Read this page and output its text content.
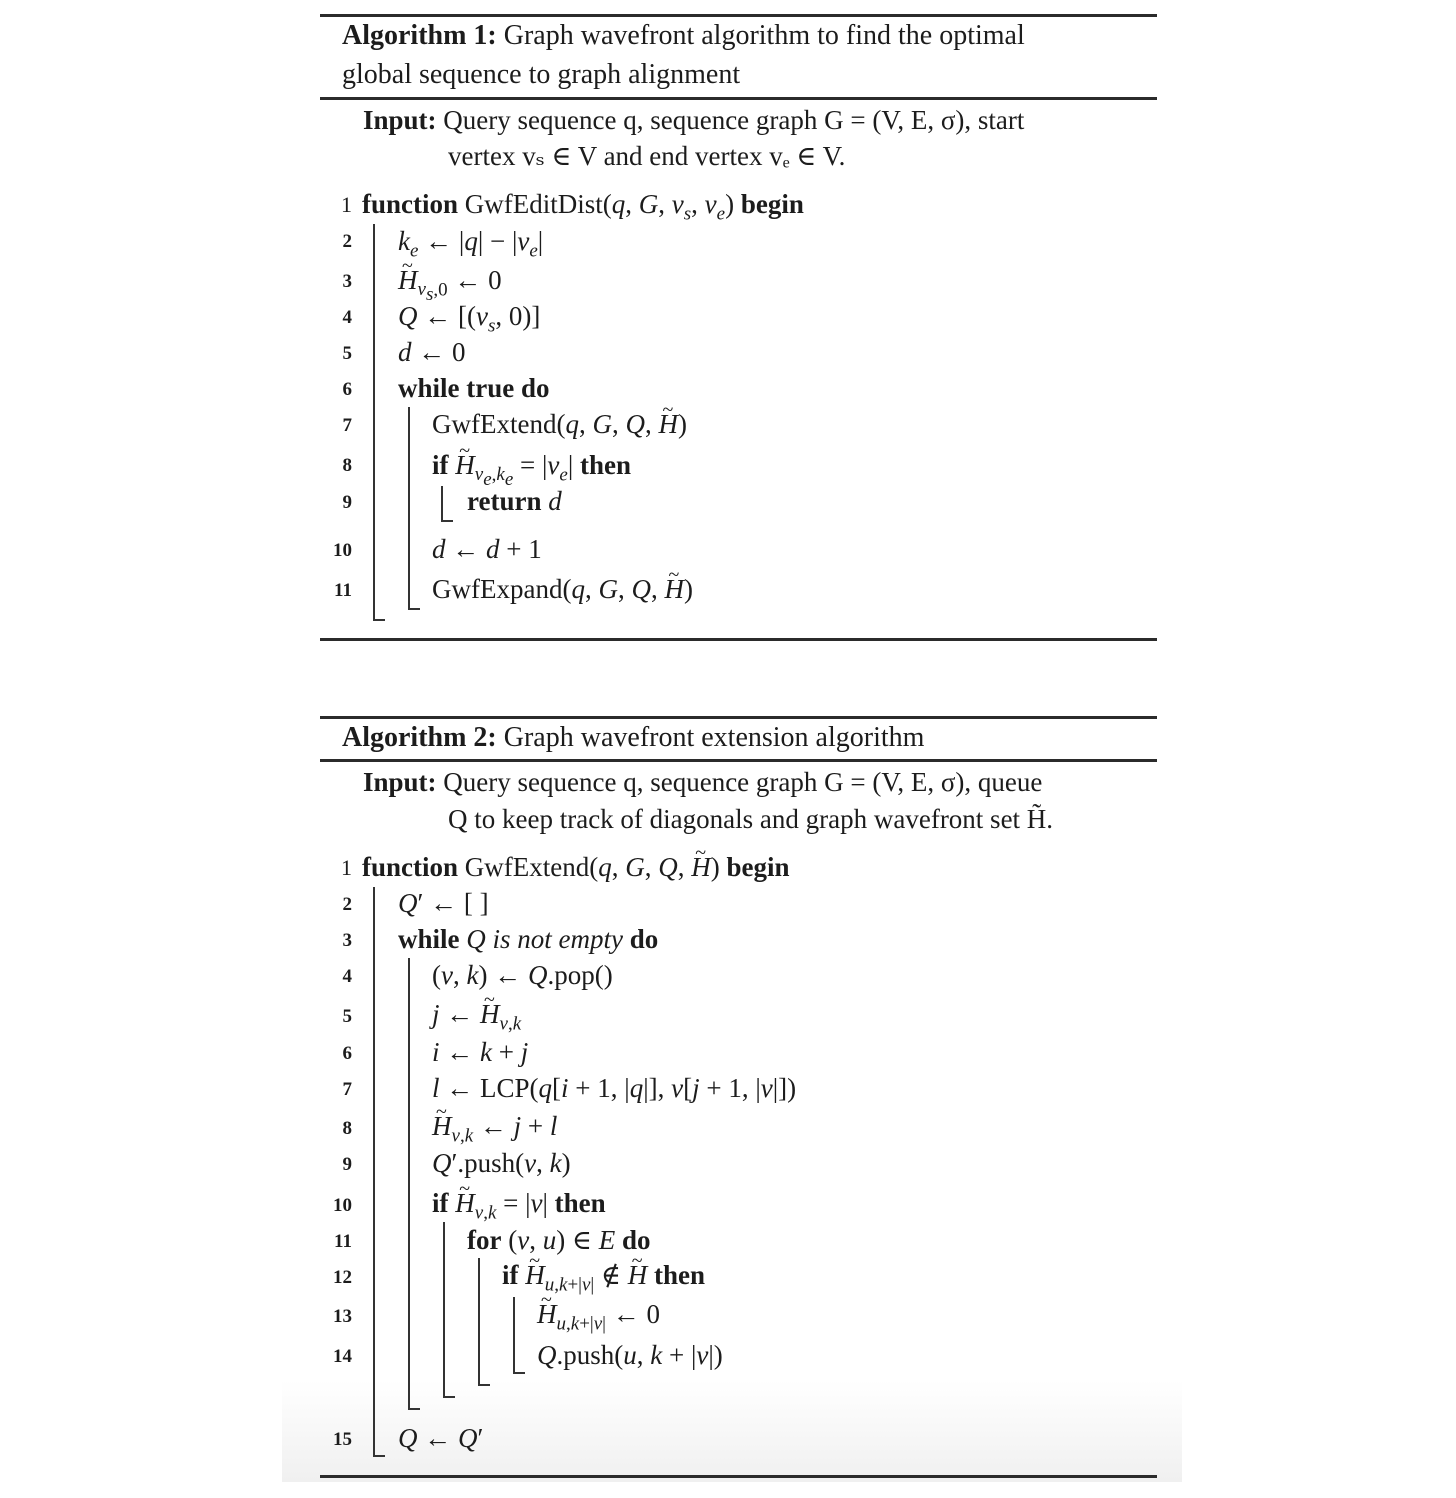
Algorithm 1: Graph wavefront algorithm to find the optimal
global sequence to graph alignment
Input: Query sequence q, sequence graph G = (V, E, σ), start
vertex vₛ ∈ V and end vertex vₑ ∈ V.
1
2
3
4
5
6
7
8
9
10
11
function GwfEditDist(q, G, $v_s$, $v_e$) begin
$k_e$ ← $|q| - |v_e|$
~ $H_{v_s,0}$ ← 0
Q ← [($v_s$, 0)]
d ← 0
while true do
GwfExtend(q, G, Q, ~ H)
if ~ $H_{v_e,k_e} = |v_e|$ then
return d
d ← d + 1
GwfExpand(q, G, Q, ~ H)
Algorithm 2: Graph wavefront extension algorithm
Input: Query sequence q, sequence graph G = (V, E, σ), queue
Q to keep track of diagonals and graph wavefront set H̃.
1
2
3
4
5
6
7
8
9
10
11
12
13
14
15
function GwfExtend(q, G, Q, ~ H) begin
Q′ ← [ ]
while Q is not empty do
(v, k) ← Q.pop()
j ← ~ $H_{v,k}$
i ← k + j
l ← LCP(q[i + 1, |q|], v[j + 1, |v|])
~ $H_{v,k}$ ← j + l
Q′.push(v, k)
if ~ $H_{v,k} = |v|$ then
for (v, u) ∈ E do
if ~ $H_{u,k+|v|}$ ∉ ~ H then
~ $H_{u,k+|v|}$ ← 0
Q.push(u, k + |v|)
Q ← Q′
